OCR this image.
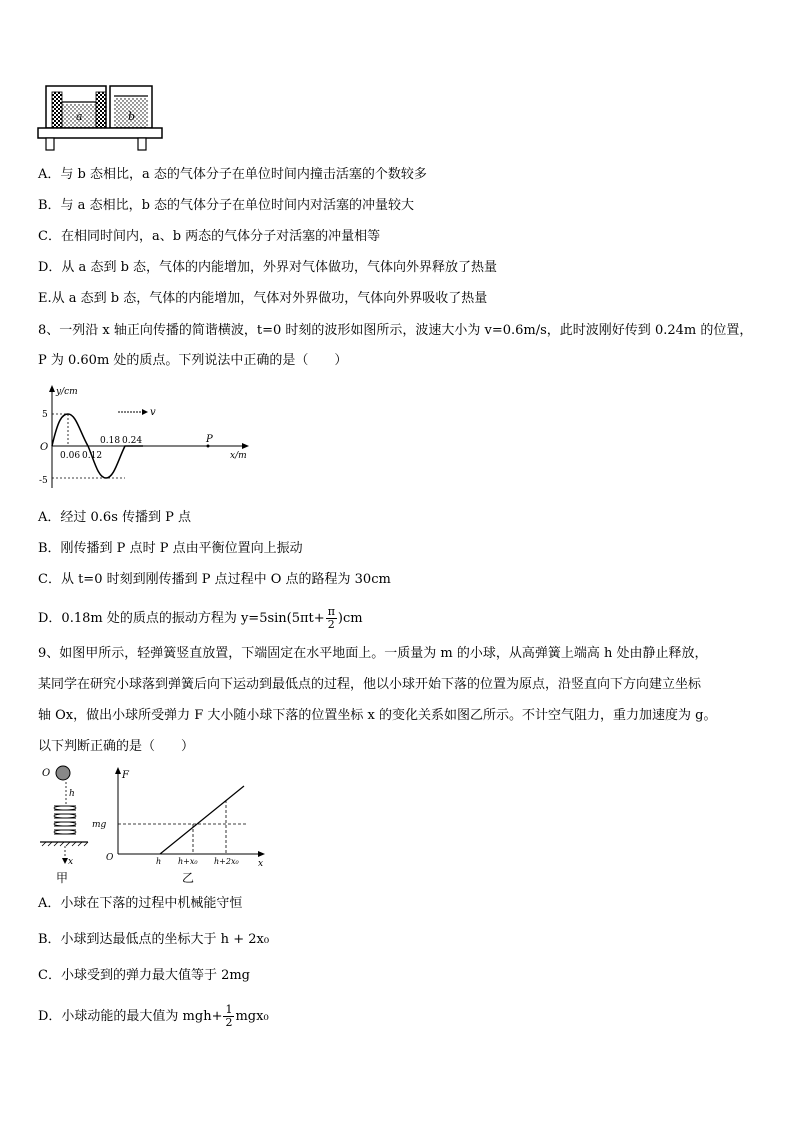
a	b
A．与 b 态相比，a 态的气体分子在单位时间内撞击活塞的个数较多
B．与 a 态相比，b 态的气体分子在单位时间内对活塞的冲量较大
C．在相同时间内，a、b 两态的气体分子对活塞的冲量相等
D．从 a 态到 b 态，气体的内能增加，外界对气体做功，气体向外界释放了热量
E.从 a 态到 b 态，气体的内能增加，气体对外界做功，气体向外界吸收了热量
8、一列沿 x 轴正向传播的简谐横波，t=0 时刻的波形如图所示，波速大小为 v=0.6m/s，此时波刚好传到 0.24m 的位置，
P 为 0.60m 处的质点。下列说法中正确的是（　　）
y/cm
x/m
O
5
-5
0.06 0.12
0.18 0.24
v
P
A．经过 0.6s 传播到 P 点
B．刚传播到 P 点时 P 点由平衡位置向上振动
C．从 t=0 时刻到刚传播到 P 点过程中 O 点的路程为 30cm
D．0.18m 处的质点的振动方程为 $y=5\sin(5\pi t+ \frac{\pi}{2} )cm$
9、如图甲所示，轻弹簧竖直放置，下端固定在水平地面上。一质量为 m 的小球，从高弹簧上端高 h 处由静止释放，
某同学在研究小球落到弹簧后向下运动到最低点的过程，他以小球开始下落的位置为原点，沿竖直向下方向建立坐标
轴 Ox，做出小球所受弹力 F 大小随小球下落的位置坐标 x 的变化关系如图乙所示。不计空气阻力，重力加速度为 g。
以下判断正确的是（　　）
O
h
x
甲
F
x
O
mg
h h+x₀ h+2x₀
乙
A．小球在下落的过程中机械能守恒
B．小球到达最低点的坐标大于 h + 2x₀
C．小球受到的弹力最大值等于 2mg
D．小球动能的最大值为 $mgh+ \frac{1}{2} mgx_0$
